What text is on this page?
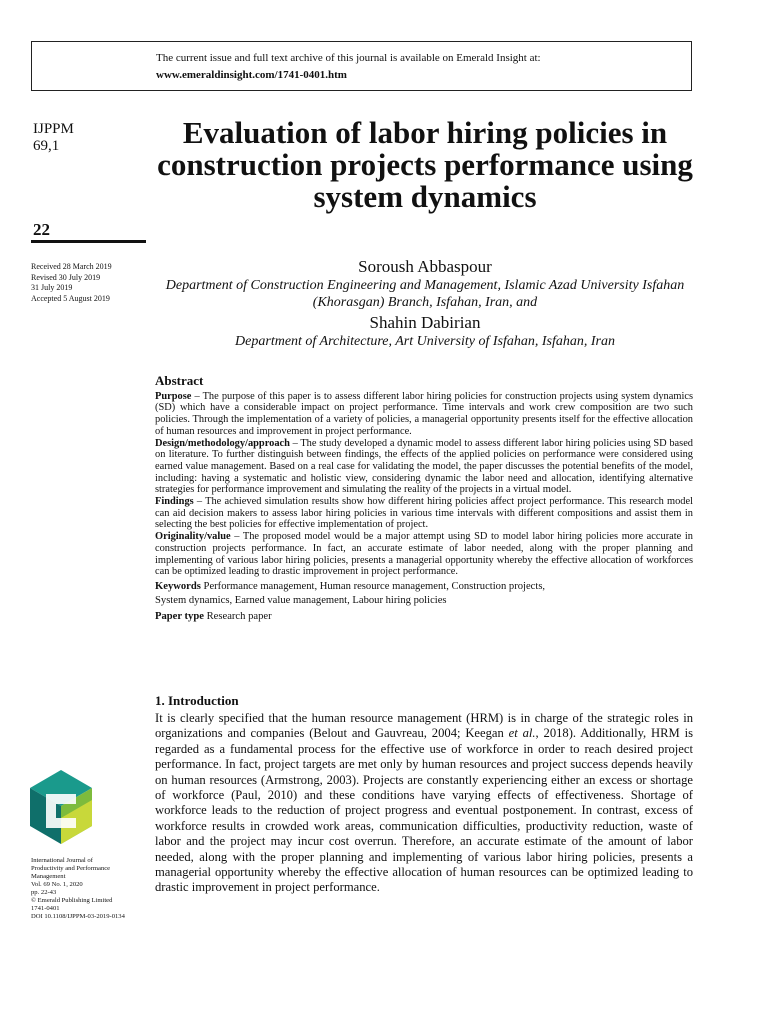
The current issue and full text archive of this journal is available on Emerald Insight at:
www.emeraldinsight.com/1741-0401.htm
IJPPM
69,1
22
Received 28 March 2019
Revised 30 July 2019
31 July 2019
Accepted 5 August 2019
Evaluation of labor hiring policies in construction projects performance using system dynamics
Soroush Abbaspour
Department of Construction Engineering and Management, Islamic Azad University Isfahan (Khorasgan) Branch, Isfahan, Iran, and
Shahin Dabirian
Department of Architecture, Art University of Isfahan, Isfahan, Iran
Abstract

Purpose – The purpose of this paper is to assess different labor hiring policies for construction projects using system dynamics (SD) which have a considerable impact on project performance. Time intervals and work crew composition are two such policies. Through the implementation of a variety of policies, a managerial opportunity presents itself for the effective allocation of human resources and improvement in project performance.

Design/methodology/approach – The study developed a dynamic model to assess different labor hiring policies using SD based on literature. To further distinguish between findings, the effects of the applied policies on performance were considered using earned value management. Based on a real case for validating the model, the paper discusses the potential benefits of the model, including: having a systematic and holistic view, considering dynamic the labor need and allocation, identifying alternative strategies for performance improvement and simulating the reality of the projects in a virtual model.

Findings – The achieved simulation results show how different hiring policies affect project performance. This research model can aid decision makers to assess labor hiring policies in various time intervals with different compositions and assist them in selecting the best policies for effective implementation of project.

Originality/value – The proposed model would be a major attempt using SD to model labor hiring policies more accurate in construction projects performance. In fact, an accurate estimate of labor needed, along with the proper planning and implementing of various labor hiring policies, presents a managerial opportunity whereby the effective allocation of workforces can be optimized leading to drastic improvement in project performance.

Keywords Performance management, Human resource management, Construction projects,
System dynamics, Earned value management, Labour hiring policies
Paper type Research paper
1. Introduction

It is clearly specified that the human resource management (HRM) is in charge of the strategic roles in organizations and companies (Belout and Gauvreau, 2004; Keegan et al., 2018). Additionally, HRM is regarded as a fundamental process for the effective use of workforce in order to reach desired project performance. In fact, project targets are met only by human resources and project success depends heavily on human resources (Armstrong, 2003). Projects are constantly experiencing either an excess or shortage of workforce (Paul, 2010) and these conditions have varying effects of effectiveness. Shortage of workforce leads to the reduction of project progress and eventual postponement. In contrast, excess of workforce results in crowded work areas, communication difficulties, productivity reduction, waste of labor and the project may incur cost overrun. Therefore, an accurate estimate of the amount of labor needed, along with the proper planning and implementing of various labor hiring policies, presents a managerial opportunity whereby the effective allocation of human resources can be optimized leading to drastic improvement in project performance.

International Journal of
Productivity and Performance
Management
Vol. 69 No. 1, 2020
pp. 22-43
© Emerald Publishing Limited
1741-0401
DOI 10.1108/IJPPM-03-2019-0134
